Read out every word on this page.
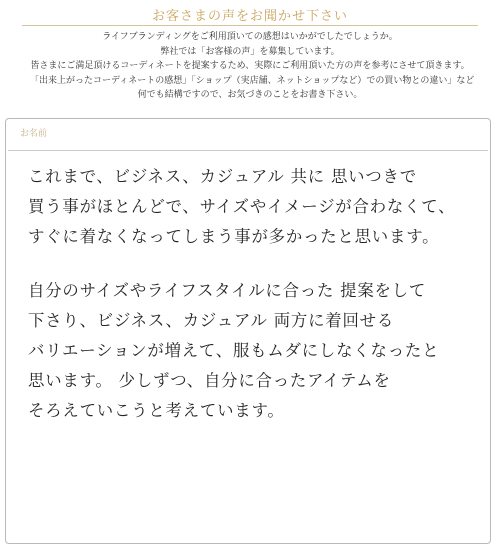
お客さまの声をお聞かせ下さい
ライフブランディングをご利用頂いての感想はいかがでしたでしょうか。
弊社では「お客様の声」を募集しています。
皆さまにご満足頂けるコーディネートを提案するため、実際にご利用頂いた方の声を参考にさせて頂きます。
「出来上がったコーディネートの感想」「ショップ（実店舗、ネットショップなど）での買い物との違い」など
何でも結構ですので、お気づきのことをお書き下さい。
お名前
これまで、ビジネス、カジュアル 共に 思いつきで
買う事がほとんどで、サイズやイメージが合わなくて、
すぐに着なくなってしまう事が多かったと思います。
自分のサイズやライフスタイルに合った 提案をして
下さり、ビジネス、カジュアル 両方に着回せる
バリエーションが増えて、服もムダにしなくなったと
思います。 少しずつ、自分に合ったアイテムを
そろえていこうと考えています。
